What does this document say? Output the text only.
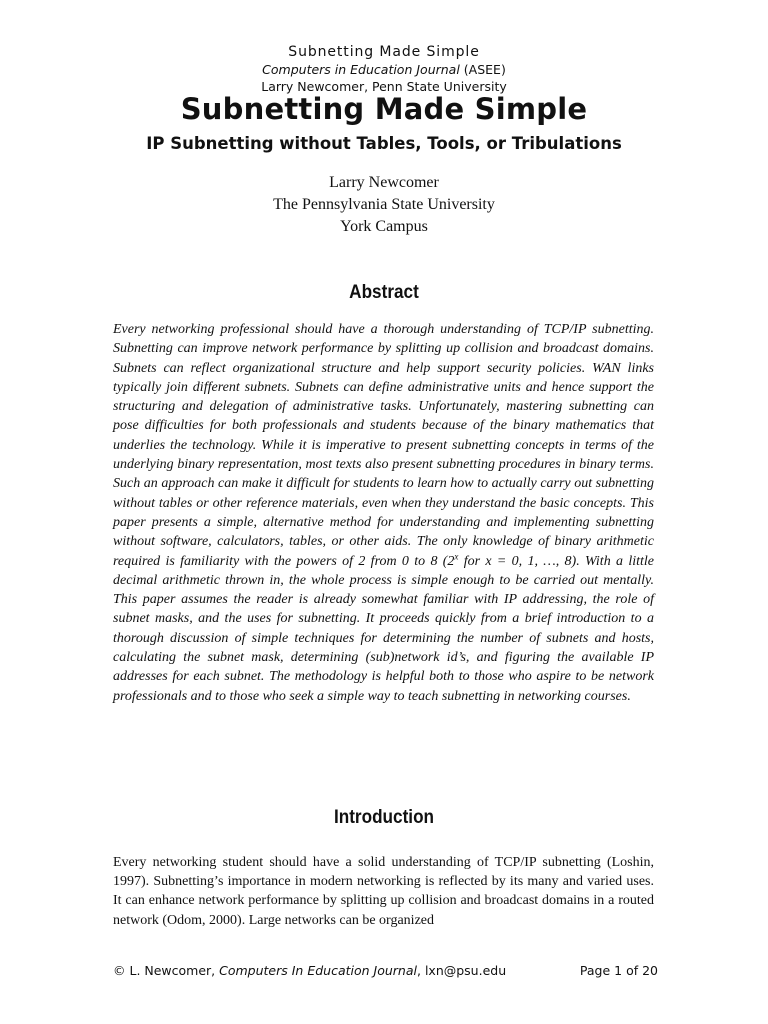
Subnetting Made Simple
Computers in Education Journal (ASEE)
Larry Newcomer, Penn State University
Subnetting Made Simple
IP Subnetting without Tables, Tools, or Tribulations
Larry Newcomer
The Pennsylvania State University
York Campus
Abstract

Every networking professional should have a thorough understanding of TCP/IP subnetting. Subnetting can improve network performance by splitting up collision and broadcast domains. Subnets can reflect organizational structure and help support security policies. WAN links typically join different subnets. Subnets can define administrative units and hence support the structuring and delegation of administrative tasks. Unfortunately, mastering subnetting can pose difficulties for both professionals and students because of the binary mathematics that underlies the technology. While it is imperative to present subnetting concepts in terms of the underlying binary representation, most texts also present subnetting procedures in binary terms. Such an approach can make it difficult for students to learn how to actually carry out subnetting without tables or other reference materials, even when they understand the basic concepts. This paper presents a simple, alternative method for understanding and implementing subnetting without software, calculators, tables, or other aids. The only knowledge of binary arithmetic required is familiarity with the powers of 2 from 0 to 8 (2$^x$ for x = 0, 1, …, 8). With a little decimal arithmetic thrown in, the whole process is simple enough to be carried out mentally. This paper assumes the reader is already somewhat familiar with IP addressing, the role of subnet masks, and the uses for subnetting. It proceeds quickly from a brief introduction to a thorough discussion of simple techniques for determining the number of subnets and hosts, calculating the subnet mask, determining (sub)network id’s, and figuring the available IP addresses for each subnet. The methodology is helpful both to those who aspire to be network professionals and to those who seek a simple way to teach subnetting in networking courses.

Introduction

Every networking student should have a solid understanding of TCP/IP subnetting (Loshin, 1997). Subnetting’s importance in modern networking is reflected by its many and varied uses. It can enhance network performance by splitting up collision and broadcast domains in a routed network (Odom, 2000). Large networks can be organized

© L. Newcomer, Computers In Education Journal, lxn@psu.edu	Page 1 of 20
